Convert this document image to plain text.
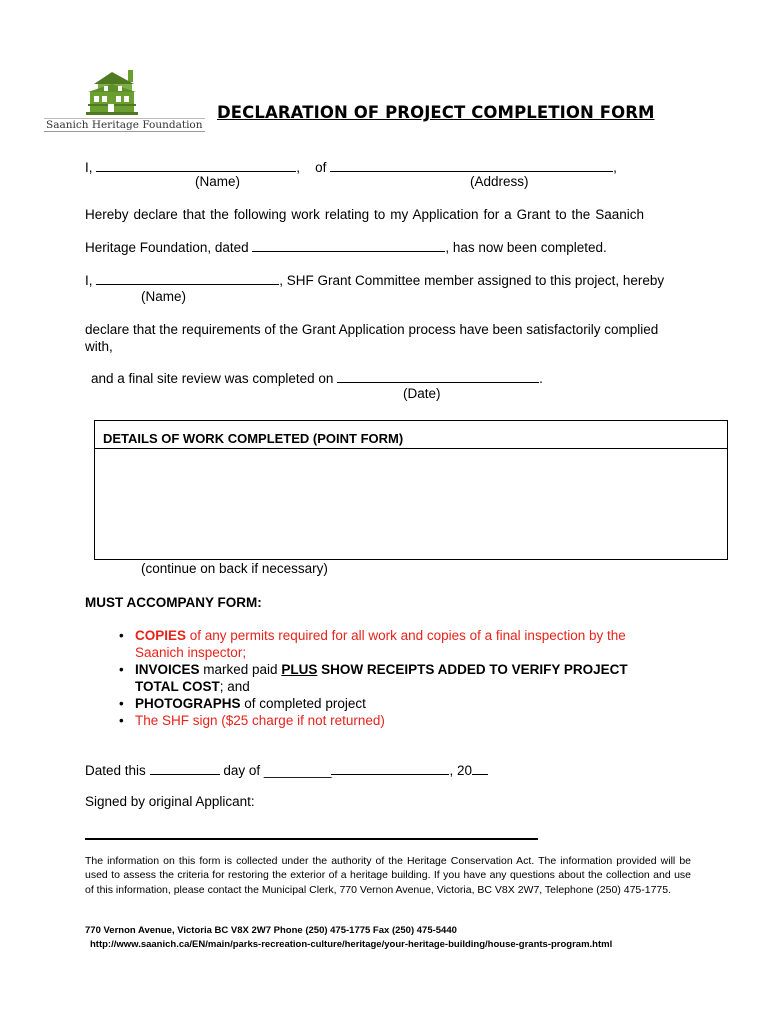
Saanich Heritage Foundation
DECLARATION OF PROJECT COMPLETION FORM
I,	, of	,
(Name)	(Address)
Hereby declare that the following work relating to my Application for a Grant to the Saanich
Heritage Foundation, dated	, has now been completed.
I,	, SHF Grant Committee member assigned to this project, hereby
(Name)
declare that the requirements of the Grant Application process have been satisfactorily complied
with,
and a final site review was completed on	.
(Date)
DETAILS OF WORK COMPLETED (POINT FORM)
(continue on back if necessary)
MUST ACCOMPANY FORM:
• COPIES of any permits required for all work and copies of a final inspection by the
Saanich inspector;
• INVOICES marked paid PLUS SHOW RECEIPTS ADDED TO VERIFY PROJECT
TOTAL COST; and
• PHOTOGRAPHS of completed project
• The SHF sign ($25 charge if not returned)
Dated this	day of _________	, 20
Signed by original Applicant:
The information on this form is collected under the authority of the Heritage Conservation Act. The information provided will be used to assess the criteria for restoring the exterior of a heritage building. If you have any questions about the collection and use of this information, please contact the Municipal Clerk, 770 Vernon Avenue, Victoria, BC V8X 2W7, Telephone (250) 475-1775.
770 Vernon Avenue, Victoria BC V8X 2W7 Phone (250) 475-1775 Fax (250) 475-5440
http://www.saanich.ca/EN/main/parks-recreation-culture/heritage/your-heritage-building/house-grants-program.html
